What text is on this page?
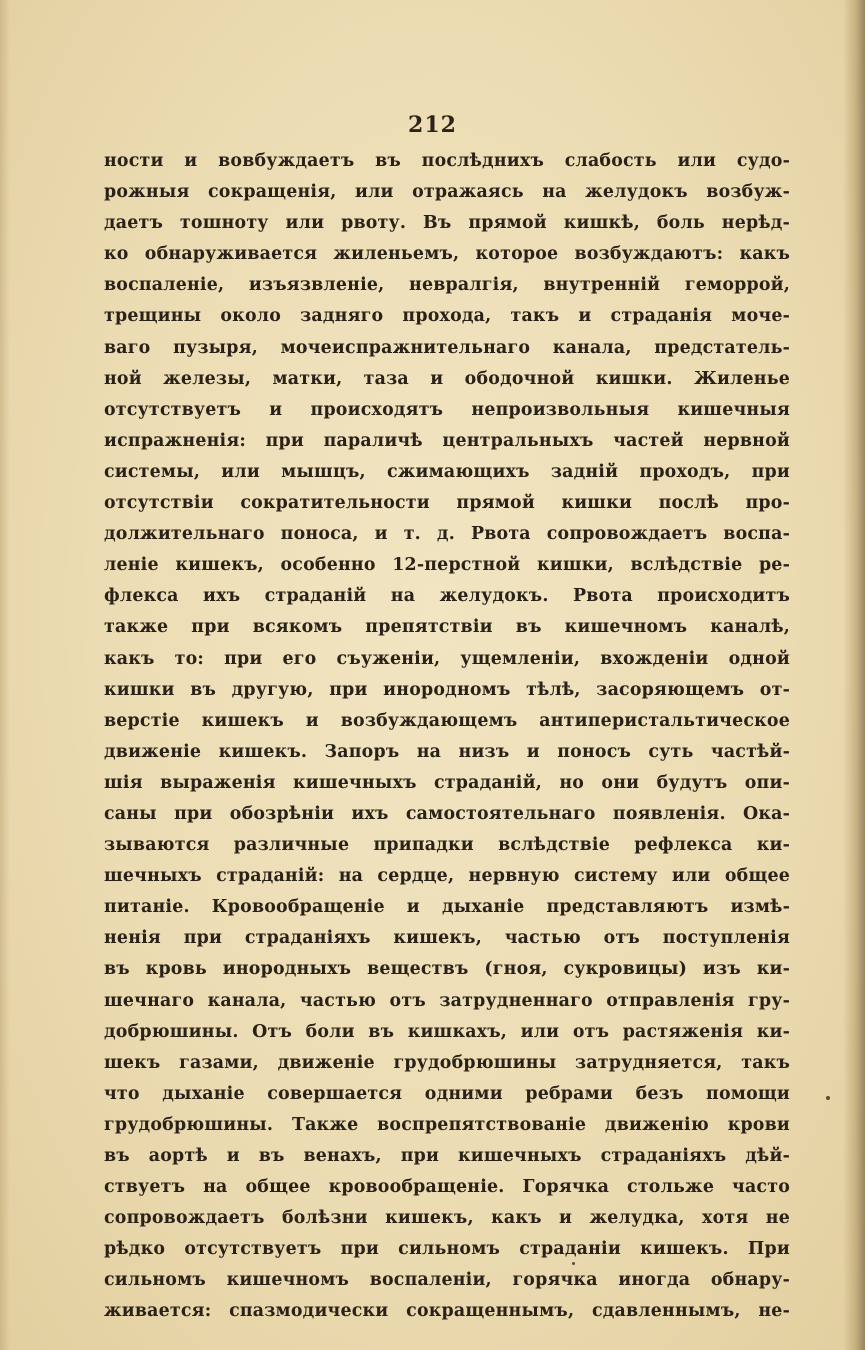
212
ности и вовбуждаетъ въ послѣднихъ слабость или судо-
рожныя сокращенія, или отражаясь на желудокъ возбуж-
даетъ тошноту или рвоту. Въ прямой кишкѣ, боль нерѣд-
ко обнаруживается жиленьемъ, которое возбуждаютъ: какъ
воспаленіе, изъязвленіе, невралгія, внутренній геморрой,
трещины около задняго прохода, такъ и страданія моче-
ваго пузыря, мочеиспражнительнаго канала, предстатель-
ной железы, матки, таза и ободочной кишки. Жиленье
отсутствуетъ и происходятъ непроизвольныя кишечныя
испражненія: при параличѣ центральныхъ частей нервной
системы, или мышцъ, сжимающихъ задній проходъ, при
отсутствіи сократительности прямой кишки послѣ про-
должительнаго поноса, и т. д. Рвота сопровождаетъ воспа-
леніе кишекъ, особенно 12-перстной кишки, вслѣдствіе ре-
флекса ихъ страданій на желудокъ. Рвота происходитъ
также при всякомъ препятствіи въ кишечномъ каналѣ,
какъ то: при его съуженіи, ущемленіи, вхожденіи одной
кишки въ другую, при инородномъ тѣлѣ, засоряющемъ от-
верстіе кишекъ и возбуждающемъ антиперистальтическое
движеніе кишекъ. Запоръ на низъ и поносъ суть частѣй-
шія выраженія кишечныхъ страданій, но они будутъ опи-
саны при обозрѣніи ихъ самостоятельнаго появленія. Ока-
зываются различные припадки вслѣдствіе рефлекса ки-
шечныхъ страданій: на сердце, нервную систему или общее
питаніе. Кровообращеніе и дыханіе представляютъ измѣ-
ненія при страданіяхъ кишекъ, частью отъ поступленія
въ кровь инородныхъ веществъ (гноя, сукровицы) изъ ки-
шечнаго канала, частью отъ затрудненнаго отправленія гру-
добрюшины. Отъ боли въ кишкахъ, или отъ растяженія ки-
шекъ газами, движеніе грудобрюшины затрудняется, такъ
что дыханіе совершается одними ребрами безъ помощи
грудобрюшины. Также воспрепятствованіе движенію крови
въ аортѣ и въ венахъ, при кишечныхъ страданіяхъ дѣй-
ствуетъ на общее кровообращеніе. Горячка стольже часто
сопровождаетъ болѣзни кишекъ, какъ и желудка, хотя не
рѣдко отсутствуетъ при сильномъ страданіи кишекъ. При
сильномъ кишечномъ воспаленіи, горячка иногда обнару-
живается: спазмодически сокращеннымъ, сдавленнымъ, не-
